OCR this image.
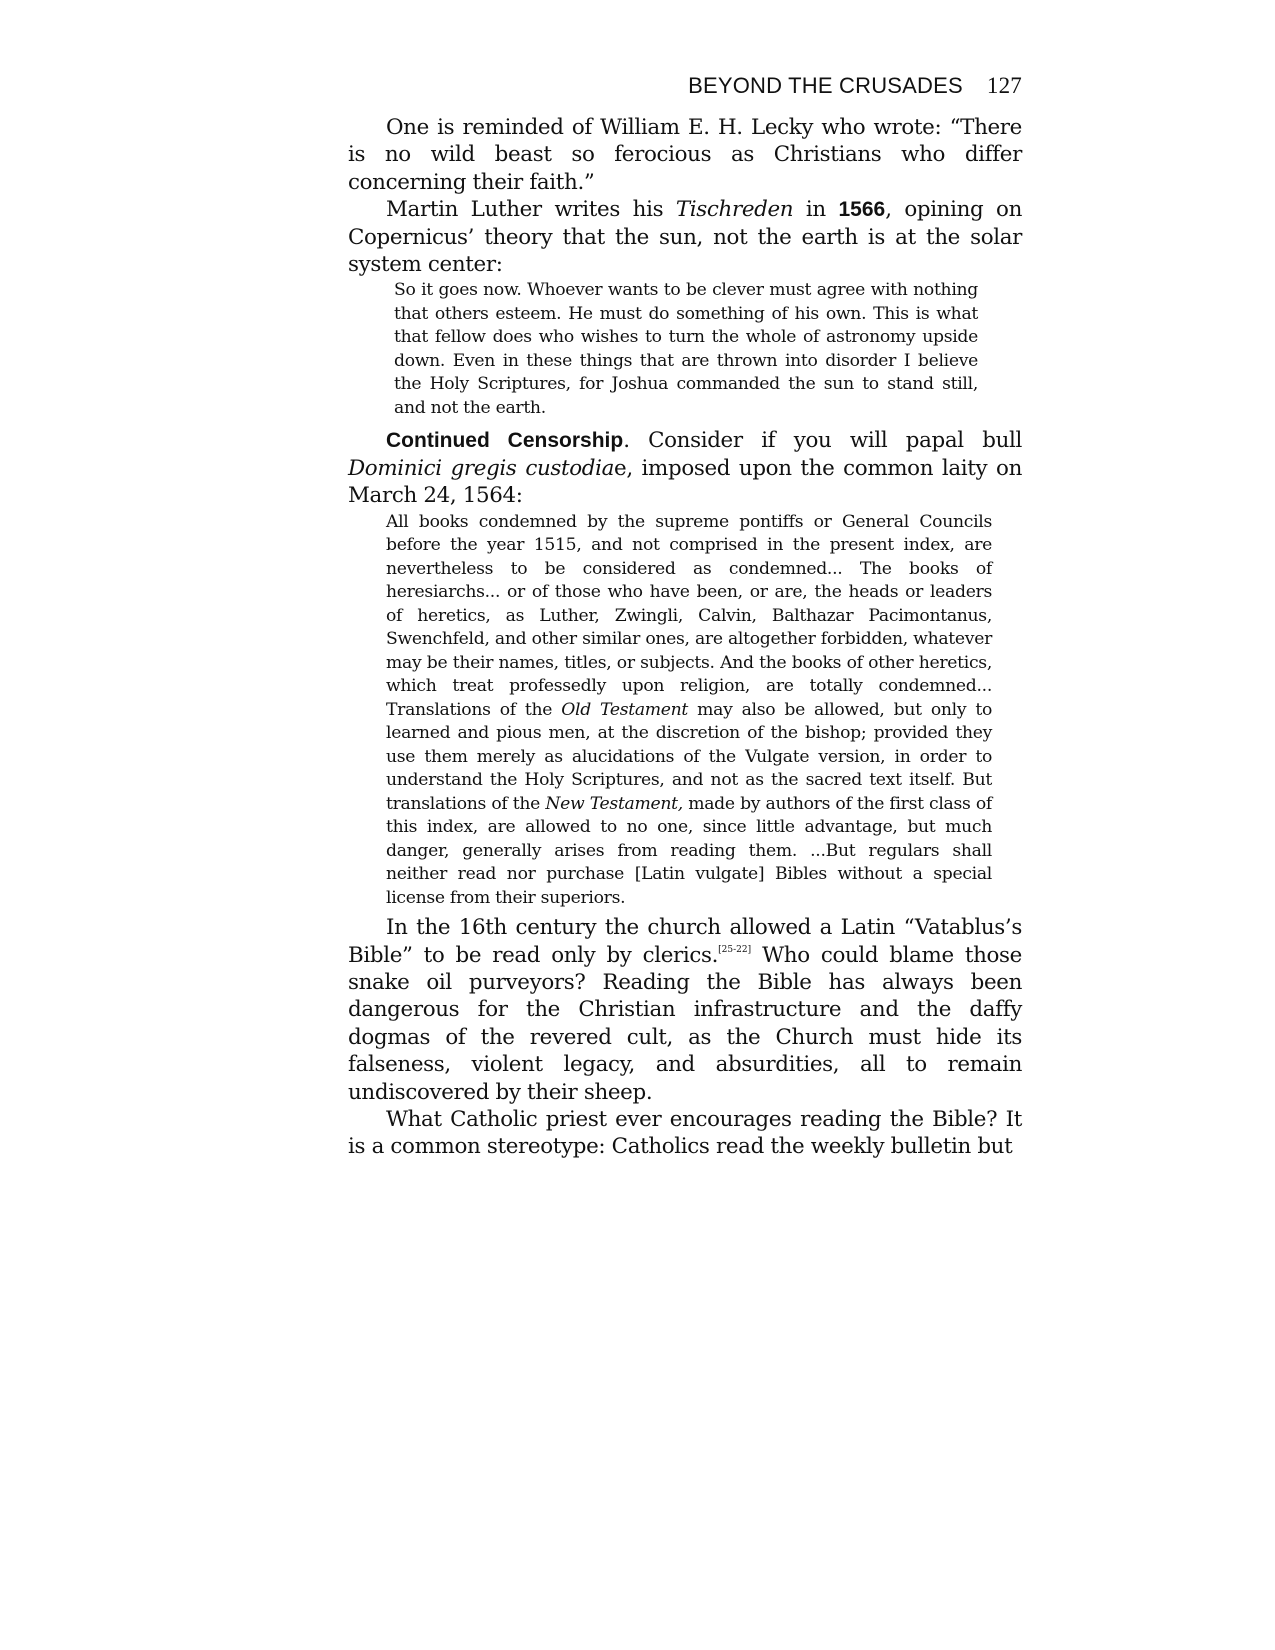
BEYOND THE CRUSADES 127

One is reminded of William E. H. Lecky who wrote: “There is no wild beast so ferocious as Christians who differ concerning their faith.”

Martin Luther writes his Tischreden in 1566, opining on Copernicus’ theory that the sun, not the earth is at the solar system center:

So it goes now. Whoever wants to be clever must agree with nothing that others esteem. He must do something of his own. This is what that fellow does who wishes to turn the whole of astronomy upside down. Even in these things that are thrown into disorder I believe the Holy Scriptures, for Joshua commanded the sun to stand still, and not the earth.

Continued Censorship. Consider if you will papal bull Dominici gregis custodiae, imposed upon the common laity on March 24, 1564:

All books condemned by the supreme pontiffs or General Councils before the year 1515, and not comprised in the present index, are nevertheless to be considered as condemned... The books of heresiarchs... or of those who have been, or are, the heads or leaders of heretics, as Luther, Zwingli, Calvin, Balthazar Pacimontanus, Swenchfeld, and other similar ones, are altogether forbidden, whatever may be their names, titles, or subjects. And the books of other heretics, which treat professedly upon religion, are totally condemned... Translations of the Old Testament may also be allowed, but only to learned and pious men, at the discretion of the bishop; provided they use them merely as alucidations of the Vulgate version, in order to understand the Holy Scriptures, and not as the sacred text itself. But translations of the New Testament, made by authors of the first class of this index, are allowed to no one, since little advantage, but much danger, generally arises from reading them. ...But regulars shall neither read nor purchase [Latin vulgate] Bibles without a special license from their superiors.

In the 16th century the church allowed a Latin “Vatablus’s Bible” to be read only by clerics.[25-22] Who could blame those snake oil purveyors? Reading the Bible has always been dangerous for the Christian infrastructure and the daffy dogmas of the revered cult, as the Church must hide its falseness, violent legacy, and absurdities, all to remain undiscovered by their sheep.

What Catholic priest ever encourages reading the Bible? It is a common stereotype: Catholics read the weekly bulletin but
